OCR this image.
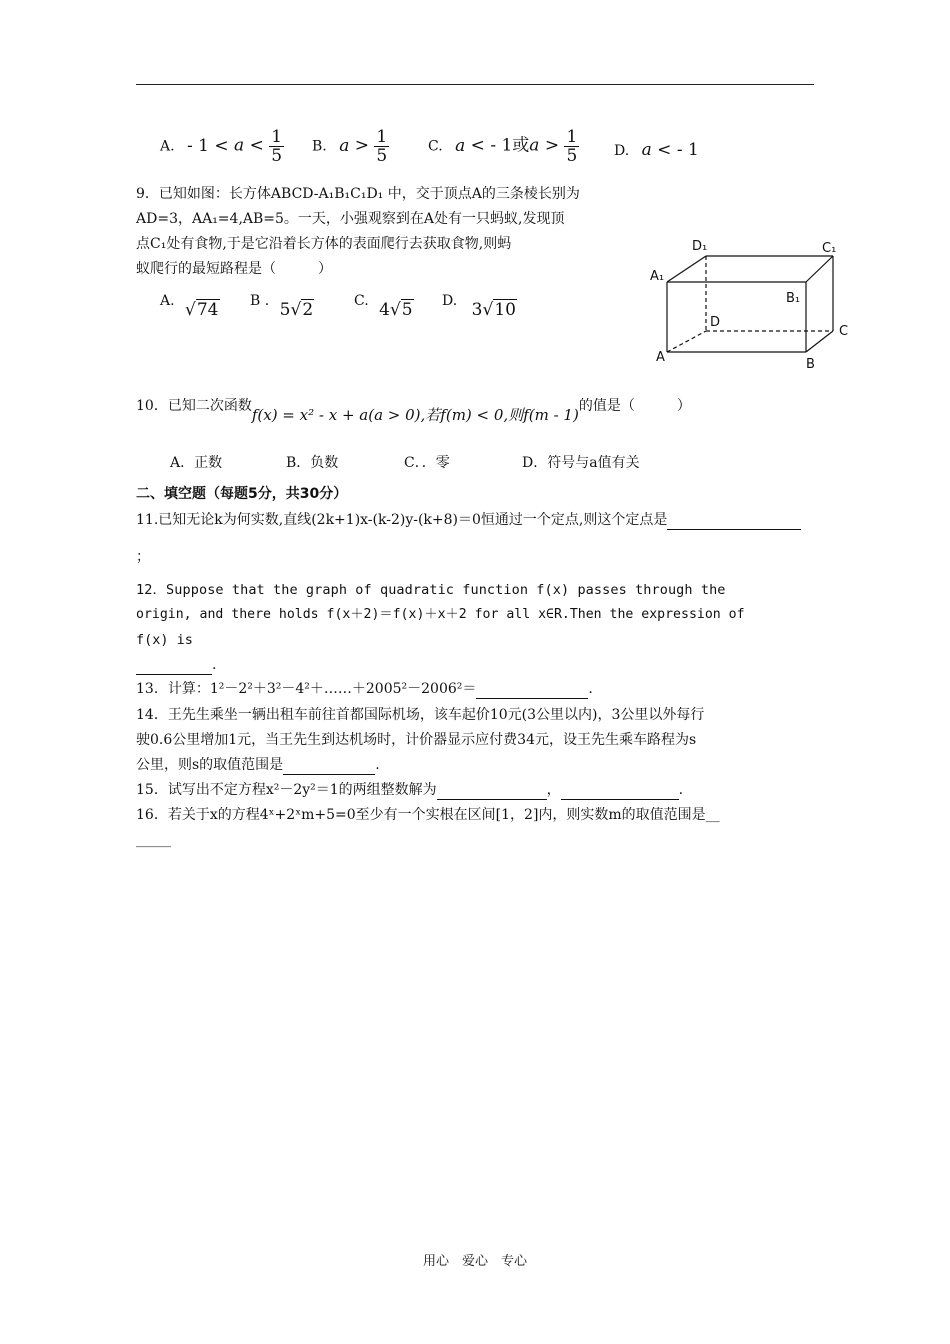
A. - $1 < a < \frac{1}{5} B$. $a > \frac{1}{5}$	C. a < - 1或$a > \frac{1}{5} D$. a < - 1
9．已知如图：长方体ABCD-A₁B₁C₁D₁ 中，交于顶点A的三条棱长别为
AD=3，AA₁=4,AB=5。一天，小强观察到在A处有一只蚂蚁,发现顶
点C₁处有食物,于是它沿着长方体的表面爬行去获取食物,则蚂
蚁爬行的最短路程是（　　　）
A. √74 B . 5√2	C. 4√5 D. 3√10
D₁	C₁
A₁
B₁
D
C
A	B
10．已知二次函数f(x) = x² - x + a(a > 0),若f(m) < 0,则f(m - 1)的值是（　　　）
A．正数	B．负数	C．．零	D．符号与a值有关
二、填空题（每题5分，共30分）
11.已知无论k为何实数,直线(2k+1)x-(k-2)y-(k+8)＝0恒通过一个定点,则这个定点是
；
12．Suppose that the graph of quadratic function f(x) passes through the
origin, and there holds f(x＋2)＝f(x)＋x＋2 for all x∈R.Then the expression of
f(x) is
.
13．计算：1²－2²＋3²－4²＋……＋2005²－2006²＝	.
14．王先生乘坐一辆出租车前往首都国际机场，该车起价10元(3公里以内)，3公里以外每行
驶0.6公里增加1元，当王先生到达机场时，计价器显示应付费34元，设王先生乘车路程为s
公里，则s的取值范围是	.
15．试写出不定方程x²－2y²＝1的两组整数解为	，	.
16．若关于x的方程4ˣ+2ˣm+5=0至少有一个实根在区间[1，2]内，则实数m的取值范围是__
_____
用心　爱心　专心
